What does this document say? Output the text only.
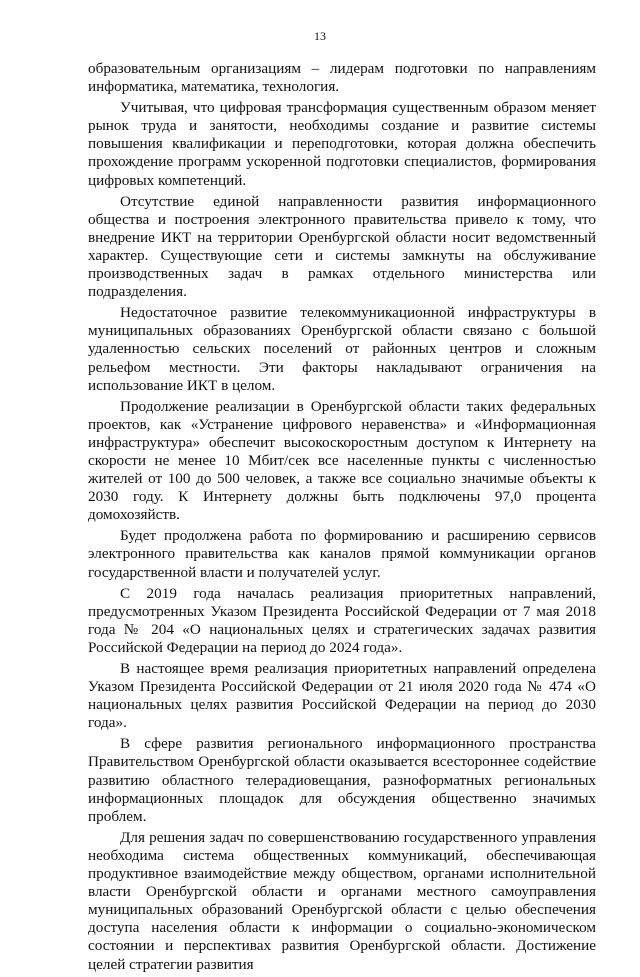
13

образовательным организациям – лидерам подготовки по направлениям информатика, математика, технология.

Учитывая, что цифровая трансформация существенным образом меняет рынок труда и занятости, необходимы создание и развитие системы повышения квалификации и переподготовки, которая должна обеспечить прохождение программ ускоренной подготовки специалистов, формирования цифровых компетенций.

Отсутствие единой направленности развития информационного общества и построения электронного правительства привело к тому, что внедрение ИКТ на территории Оренбургской области носит ведомственный характер. Существующие сети и системы замкнуты на обслуживание производственных задач в рамках отдельного министерства или подразделения.

Недостаточное развитие телекоммуникационной инфраструктуры в муниципальных образованиях Оренбургской области связано с большой удаленностью сельских поселений от районных центров и сложным рельефом местности. Эти факторы накладывают ограничения на использование ИКТ в целом.

Продолжение реализации в Оренбургской области таких федеральных проектов, как «Устранение цифрового неравенства» и «Информационная инфраструктура» обеспечит высокоскоростным доступом к Интернету на скорости не менее 10 Мбит/сек все населенные пункты с численностью жителей от 100 до 500 человек, а также все социально значимые объекты к 2030 году. К Интернету должны быть подключены 97,0 процента домохозяйств.

Будет продолжена работа по формированию и расширению сервисов электронного правительства как каналов прямой коммуникации органов государственной власти и получателей услуг.

С 2019 года началась реализация приоритетных направлений, предусмотренных Указом Президента Российской Федерации от 7 мая 2018 года № 204 «О национальных целях и стратегических задачах развития Российской Федерации на период до 2024 года».

В настоящее время реализация приоритетных направлений определена Указом Президента Российской Федерации от 21 июля 2020 года № 474 «О национальных целях развития Российской Федерации на период до 2030 года».

В сфере развития регионального информационного пространства Правительством Оренбургской области оказывается всестороннее содействие развитию областного телерадиовещания, разноформатных региональных информационных площадок для обсуждения общественно значимых проблем.

Для решения задач по совершенствованию государственного управления необходима система общественных коммуникаций, обеспечивающая продуктивное взаимодействие между обществом, органами исполнительной власти Оренбургской области и органами местного самоуправления муниципальных образований Оренбургской области с целью обеспечения доступа населения области к информации о социально-экономическом состоянии и перспективах развития Оренбургской области. Достижение целей стратегии развития
